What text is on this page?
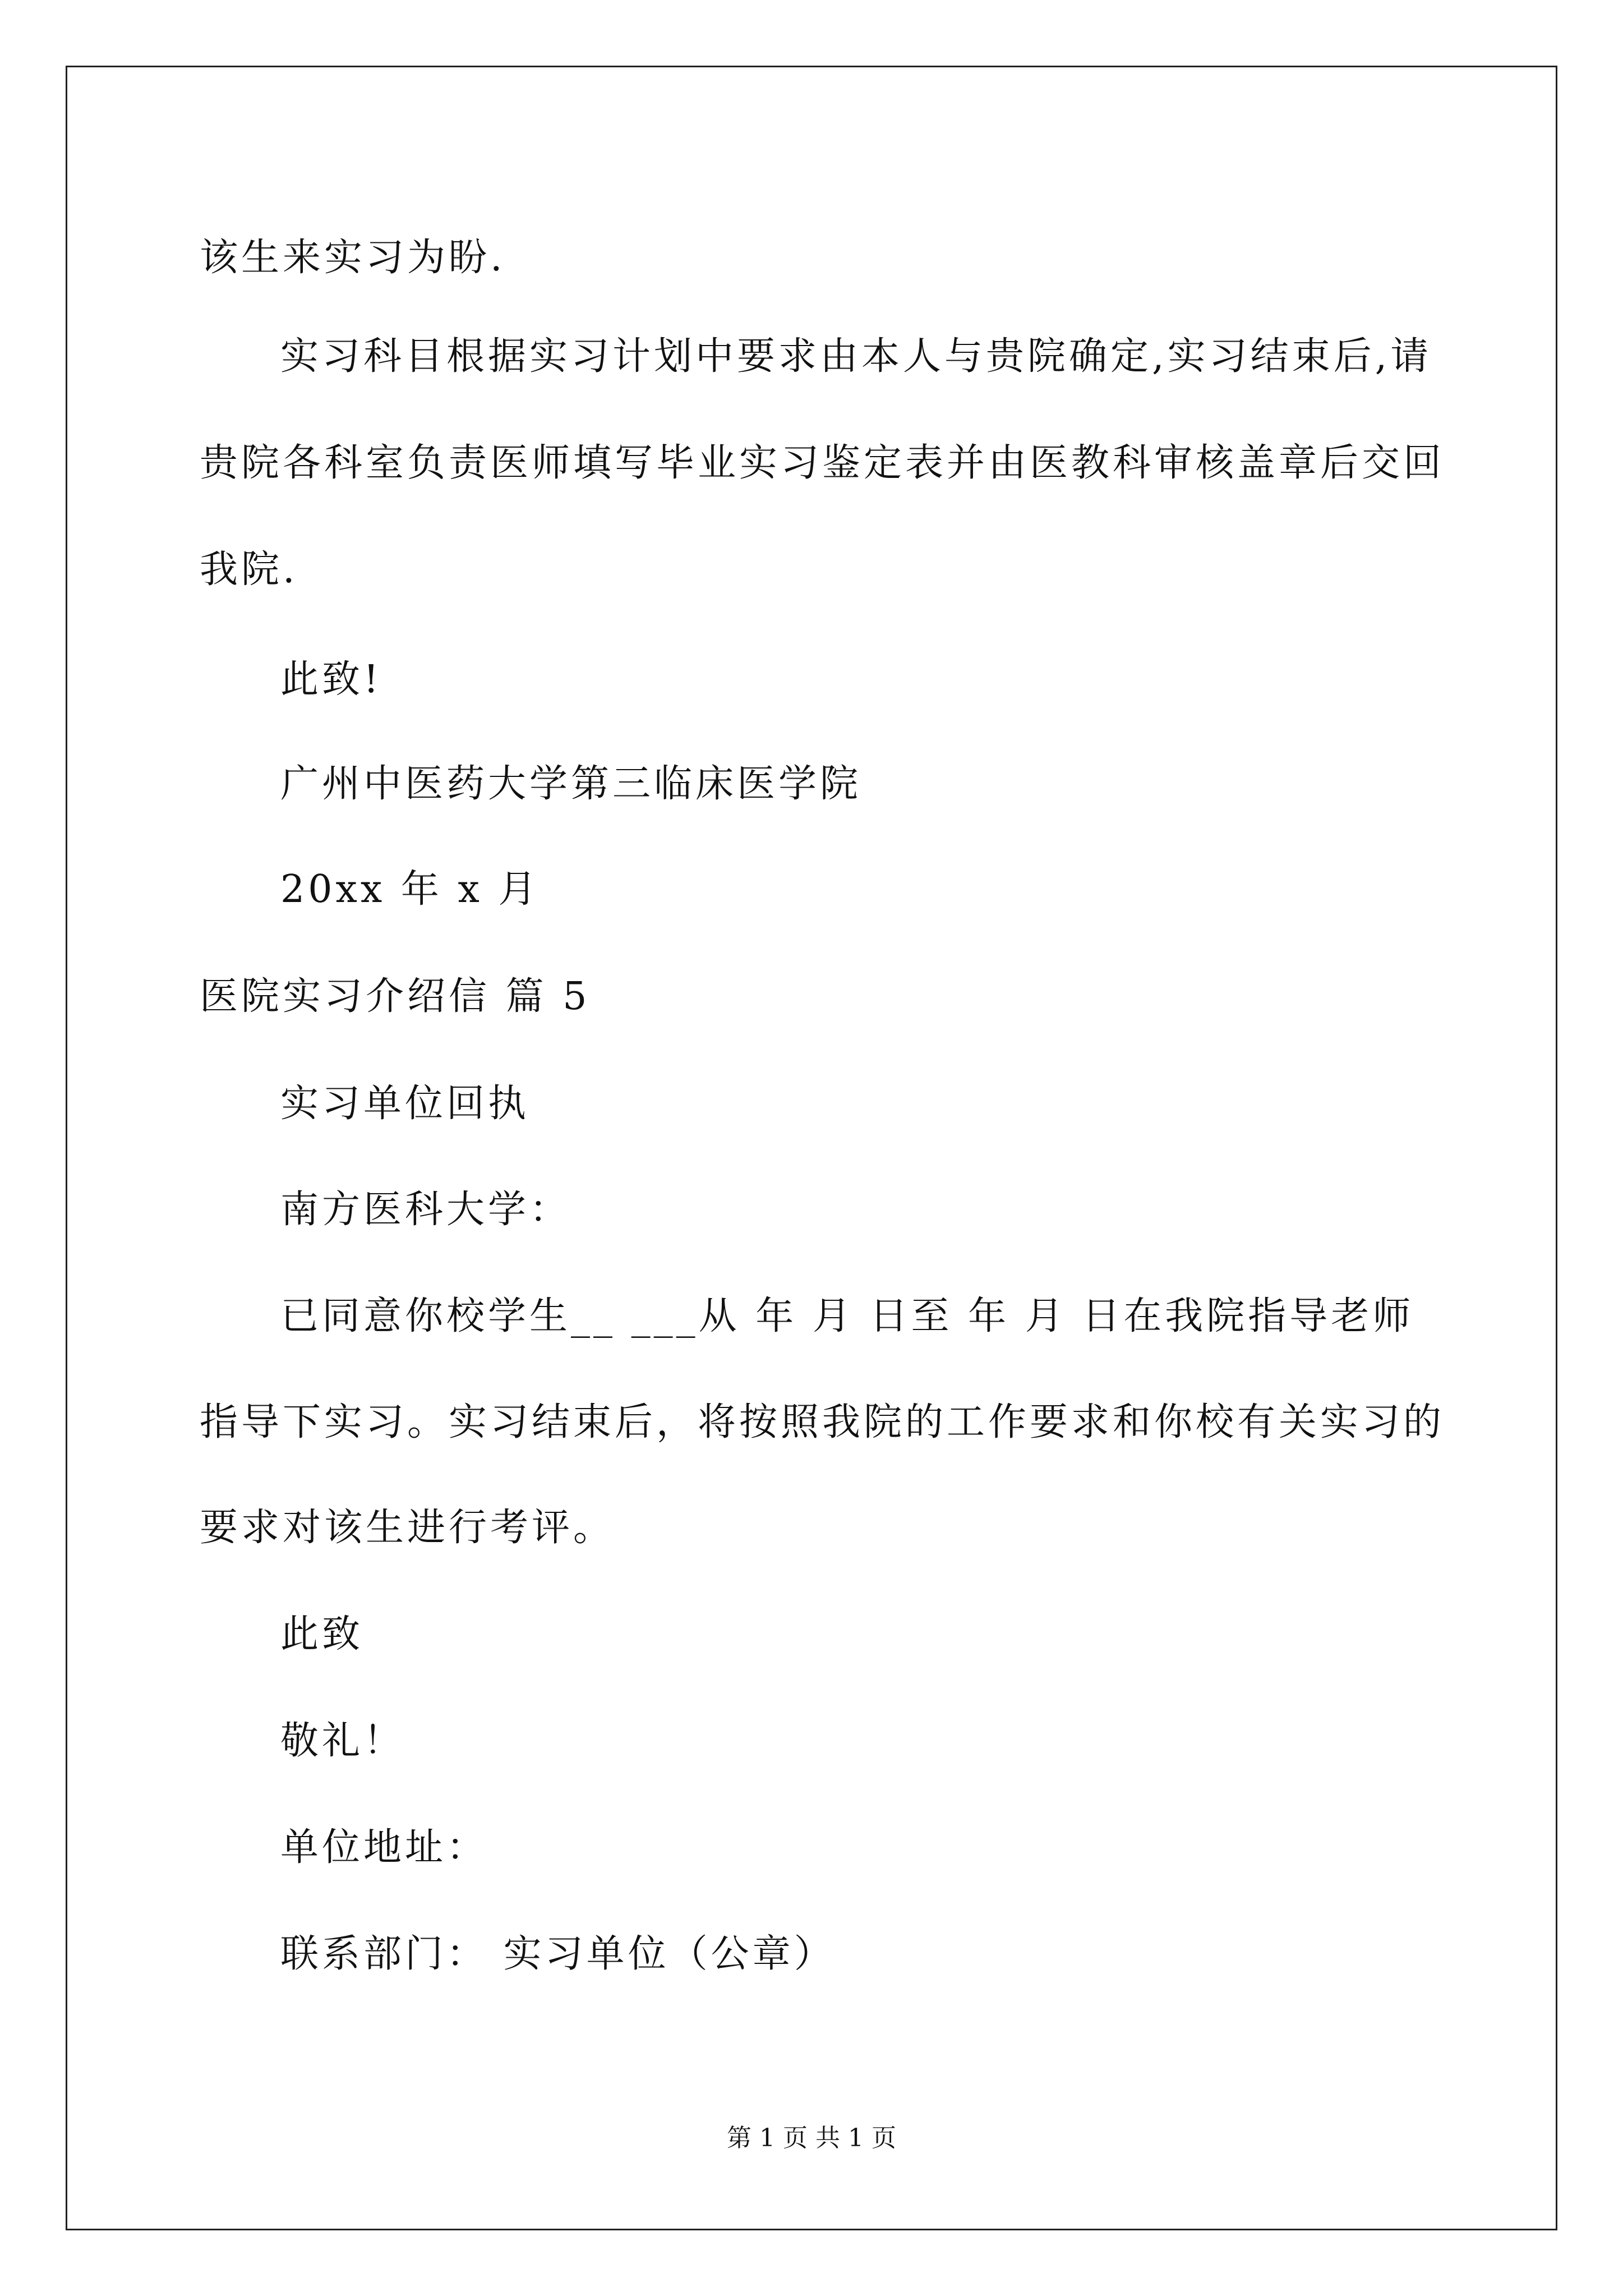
该生来实习为盼.
实习科目根据实习计划中要求由本人与贵院确定,实习结束后,请
贵院各科室负责医师填写毕业实习鉴定表并由医教科审核盖章后交回
我院.
此致!
广州中医药大学第三临床医学院
20xx 年 x 月
医院实习介绍信 篇 5
实习单位回执
南方医科大学：
已同意你校学生__ ___从 年 月 日至 年 月 日在我院指导老师
指导下实习。实习结束后，将按照我院的工作要求和你校有关实习的
要求对该生进行考评。
此致
敬礼！
单位地址：
联系部门： 实习单位（公章）
第 1 页 共 1 页
